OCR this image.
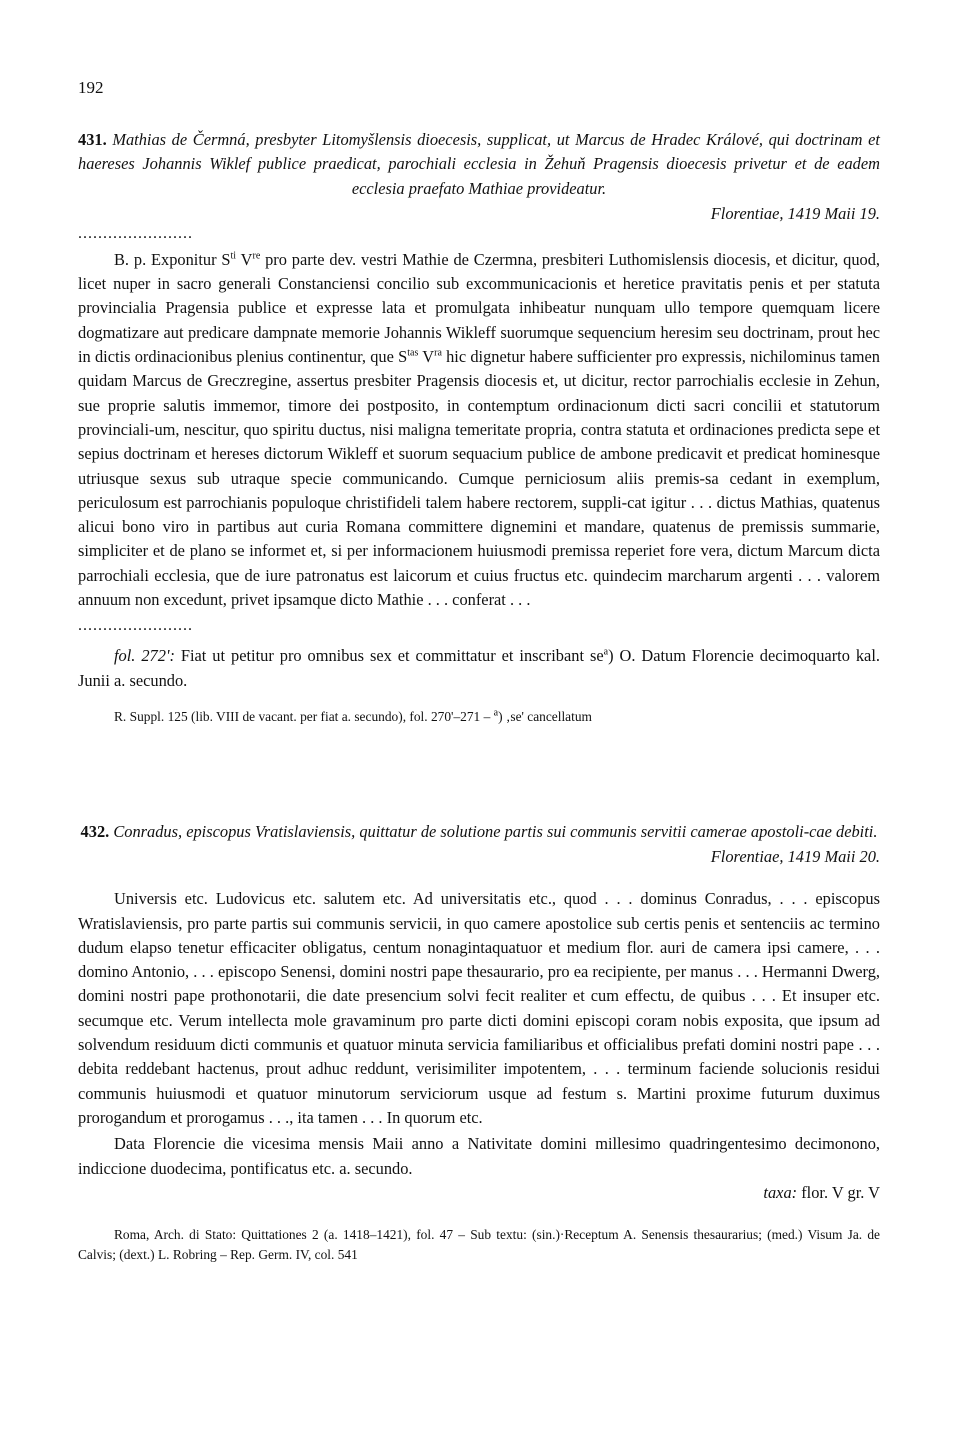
192

431. Mathias de Čermná, presbyter Litomyšlensis dioecesis, supplicat, ut Marcus de Hradec Králové, qui doctrinam et haereses Johannis Wiklef publice praedicat, parochiali ecclesia in Žehuň Pragensis dioecesis privetur et de eadem ecclesia praefato Mathiae provideatur.

Florentiae, 1419 Maii 19.
.......................

B. p. Exponitur $S^{ti}$ Vre pro parte dev. vestri Mathie de Czermna, presbiteri Luthomislensis diocesis, et dicitur, quod, licet nuper in sacro generali Constanciensi concilio sub excommunicacionis et heretice pravitatis penis et per statuta provincialia Pragensia publice et expresse lata et promulgata inhibeatur nunquam ullo tempore quemquam licere dogmatizare aut predicare dampnate memorie Johannis Wikleff suorumque sequencium heresim seu doctrinam, prout hec in dictis ordinacionibus plenius continentur, que $S^{tas}$ $V^{ra}$ hic dignetur habere sufficienter pro expressis, nichilominus tamen quidam Marcus de Greczregine, assertus presbiter Pragensis diocesis et, ut dicitur, rector parrochialis ecclesie in Zehun, sue proprie salutis immemor, timore dei postposito, in contemptum ordinacionum dicti sacri concilii et statutorum provinciali-um, nescitur, quo spiritu ductus, nisi maligna temeritate propria, contra statuta et ordinaciones predicta sepe et sepius doctrinam et hereses dictorum Wikleff et suorum sequacium publice de ambone predicavit et predicat hominesque utriusque sexus sub utraque specie communicando. Cumque perniciosum aliis premis-sa cedant in exemplum, periculosum est parrochianis populoque christifideli talem habere rectorem, suppli-cat igitur . . . dictus Mathias, quatenus alicui bono viro in partibus aut curia Romana committere dignemini et mandare, quatenus de premissis summarie, simpliciter et de plano se informet et, si per informacionem huiusmodi premissa reperiet fore vera, dictum Marcum dicta parrochiali ecclesia, que de iure patronatus est laicorum et cuius fructus etc. quindecim marcharum argenti . . . valorem annuum non excedunt, privet ipsamque dicto Mathie . . . conferat . . .

.......................

fol. 272': Fiat ut petitur pro omnibus sex et committatur et inscribant $se^a$) O. Datum Florencie decimoquarto kal. Junii a. secundo.

R. Suppl. 125 (lib. VIII de vacant. per fiat a. secundo), fol. 270'–271 – $^a$) ‚se' cancellatum

432. Conradus, episcopus Vratislaviensis, quittatur de solutione partis sui communis servitii camerae apostoli-cae debiti.

Florentiae, 1419 Maii 20.

Universis etc. Ludovicus etc. salutem etc. Ad universitatis etc., quod . . . dominus Conradus, . . . episcopus Wratislaviensis, pro parte partis sui communis servicii, in quo camere apostolice sub certis penis et sentenciis ac termino dudum elapso tenetur efficaciter obligatus, centum nonagintaquatuor et medium flor. auri de camera ipsi camere, . . . domino Antonio, . . . episcopo Senensi, domini nostri pape thesaurario, pro ea recipiente, per manus . . . Hermanni Dwerg, domini nostri pape prothonotarii, die date presencium solvi fecit realiter et cum effectu, de quibus . . . Et insuper etc. secumque etc. Verum intellecta mole gravaminum pro parte dicti domini episcopi coram nobis exposita, que ipsum ad solvendum residuum dicti communis et quatuor minuta servicia familiaribus et officialibus prefati domini nostri pape . . . debita reddebant hactenus, prout adhuc reddunt, verisimiliter impotentem, . . . terminum faciende solucionis residui communis huiusmodi et quatuor minutorum serviciorum usque ad festum s. Martini proxime futurum duximus prorogandum et prorogamus . . ., ita tamen . . . In quorum etc.

Data Florencie die vicesima mensis Maii anno a Nativitate domini millesimo quadringentesimo decimonono, indiccione duodecima, pontificatus etc. a. secundo.

taxa: flor. V gr. V

Roma, Arch. di Stato: Quittationes 2 (a. 1418–1421), fol. 47 – Sub textu: (sin.)·Receptum A. Senensis thesaurarius; (med.) Visum Ja. de Calvis; (dext.) L. Robring – Rep. Germ. IV, col. 541
